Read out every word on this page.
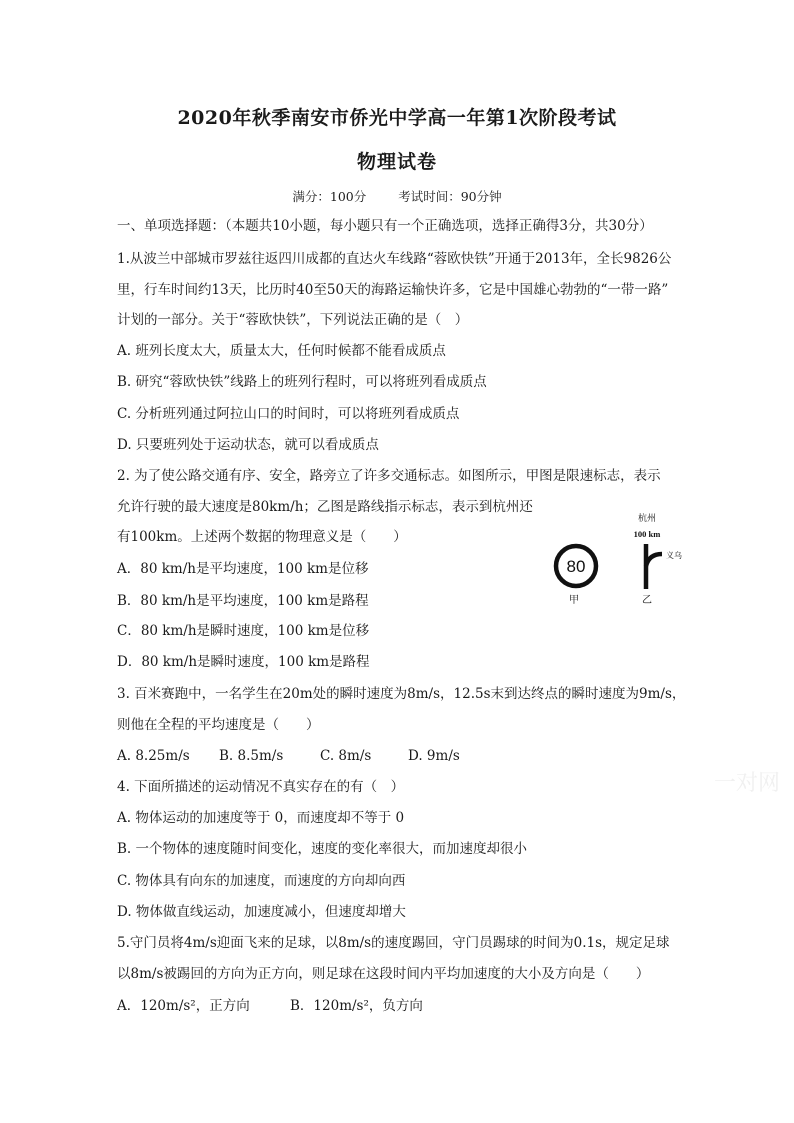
2020年秋季南安市侨光中学高一年第1次阶段考试
物理试卷
满分：100分	考试时间：90分钟
一、单项选择题：（本题共10小题，每小题只有一个正确选项，选择正确得3分，共30分）
1.从波兰中部城市罗兹往返四川成都的直达火车线路“蓉欧快铁”开通于2013年，全长9826公
里，行车时间约13天，比历时40至50天的海路运输快许多，它是中国雄心勃勃的“一带一路”
计划的一部分。关于“蓉欧快铁”，下列说法正确的是（　）
A. 班列长度太大，质量太大，任何时候都不能看成质点
B. 研究“蓉欧快铁”线路上的班列行程时，可以将班列看成质点
C. 分析班列通过阿拉山口的时间时，可以将班列看成质点
D. 只要班列处于运动状态，就可以看成质点
2. 为了使公路交通有序、安全，路旁立了许多交通标志。如图所示，甲图是限速标志，表示
允许行驶的最大速度是80km/h；乙图是路线指示标志，表示到杭州还
有100km。上述两个数据的物理意义是（　　）
A．80 km/h是平均速度，100 km是位移
B．80 km/h是平均速度，100 km是路程
C．80 km/h是瞬时速度，100 km是位移
D．80 km/h是瞬时速度，100 km是路程
80
甲
杭州
100 km
义乌
乙
3. 百米赛跑中，一名学生在20m处的瞬时速度为8m/s，12.5s末到达终点的瞬时速度为9m/s，
则他在全程的平均速度是（　　）
A. 8.25m/s B. 8.5m/s	C. 8m/s	D. 9m/s
4. 下面所描述的运动情况不真实存在的有（　）
A. 物体运动的加速度等于 0，而速度却不等于 0
B. 一个物体的速度随时间变化，速度的变化率很大，而加速度却很小
C. 物体具有向东的加速度，而速度的方向却向西
D. 物体做直线运动，加速度减小，但速度却增大
5.守门员将4m/s迎面飞来的足球，以8m/s的速度踢回，守门员踢球的时间为0.1s，规定足球
以8m/s被踢回的方向为正方向，则足球在这段时间内平均加速度的大小及方向是（　　）
A．120m/s²，正方向	B．120m/s²，负方向
一对网
